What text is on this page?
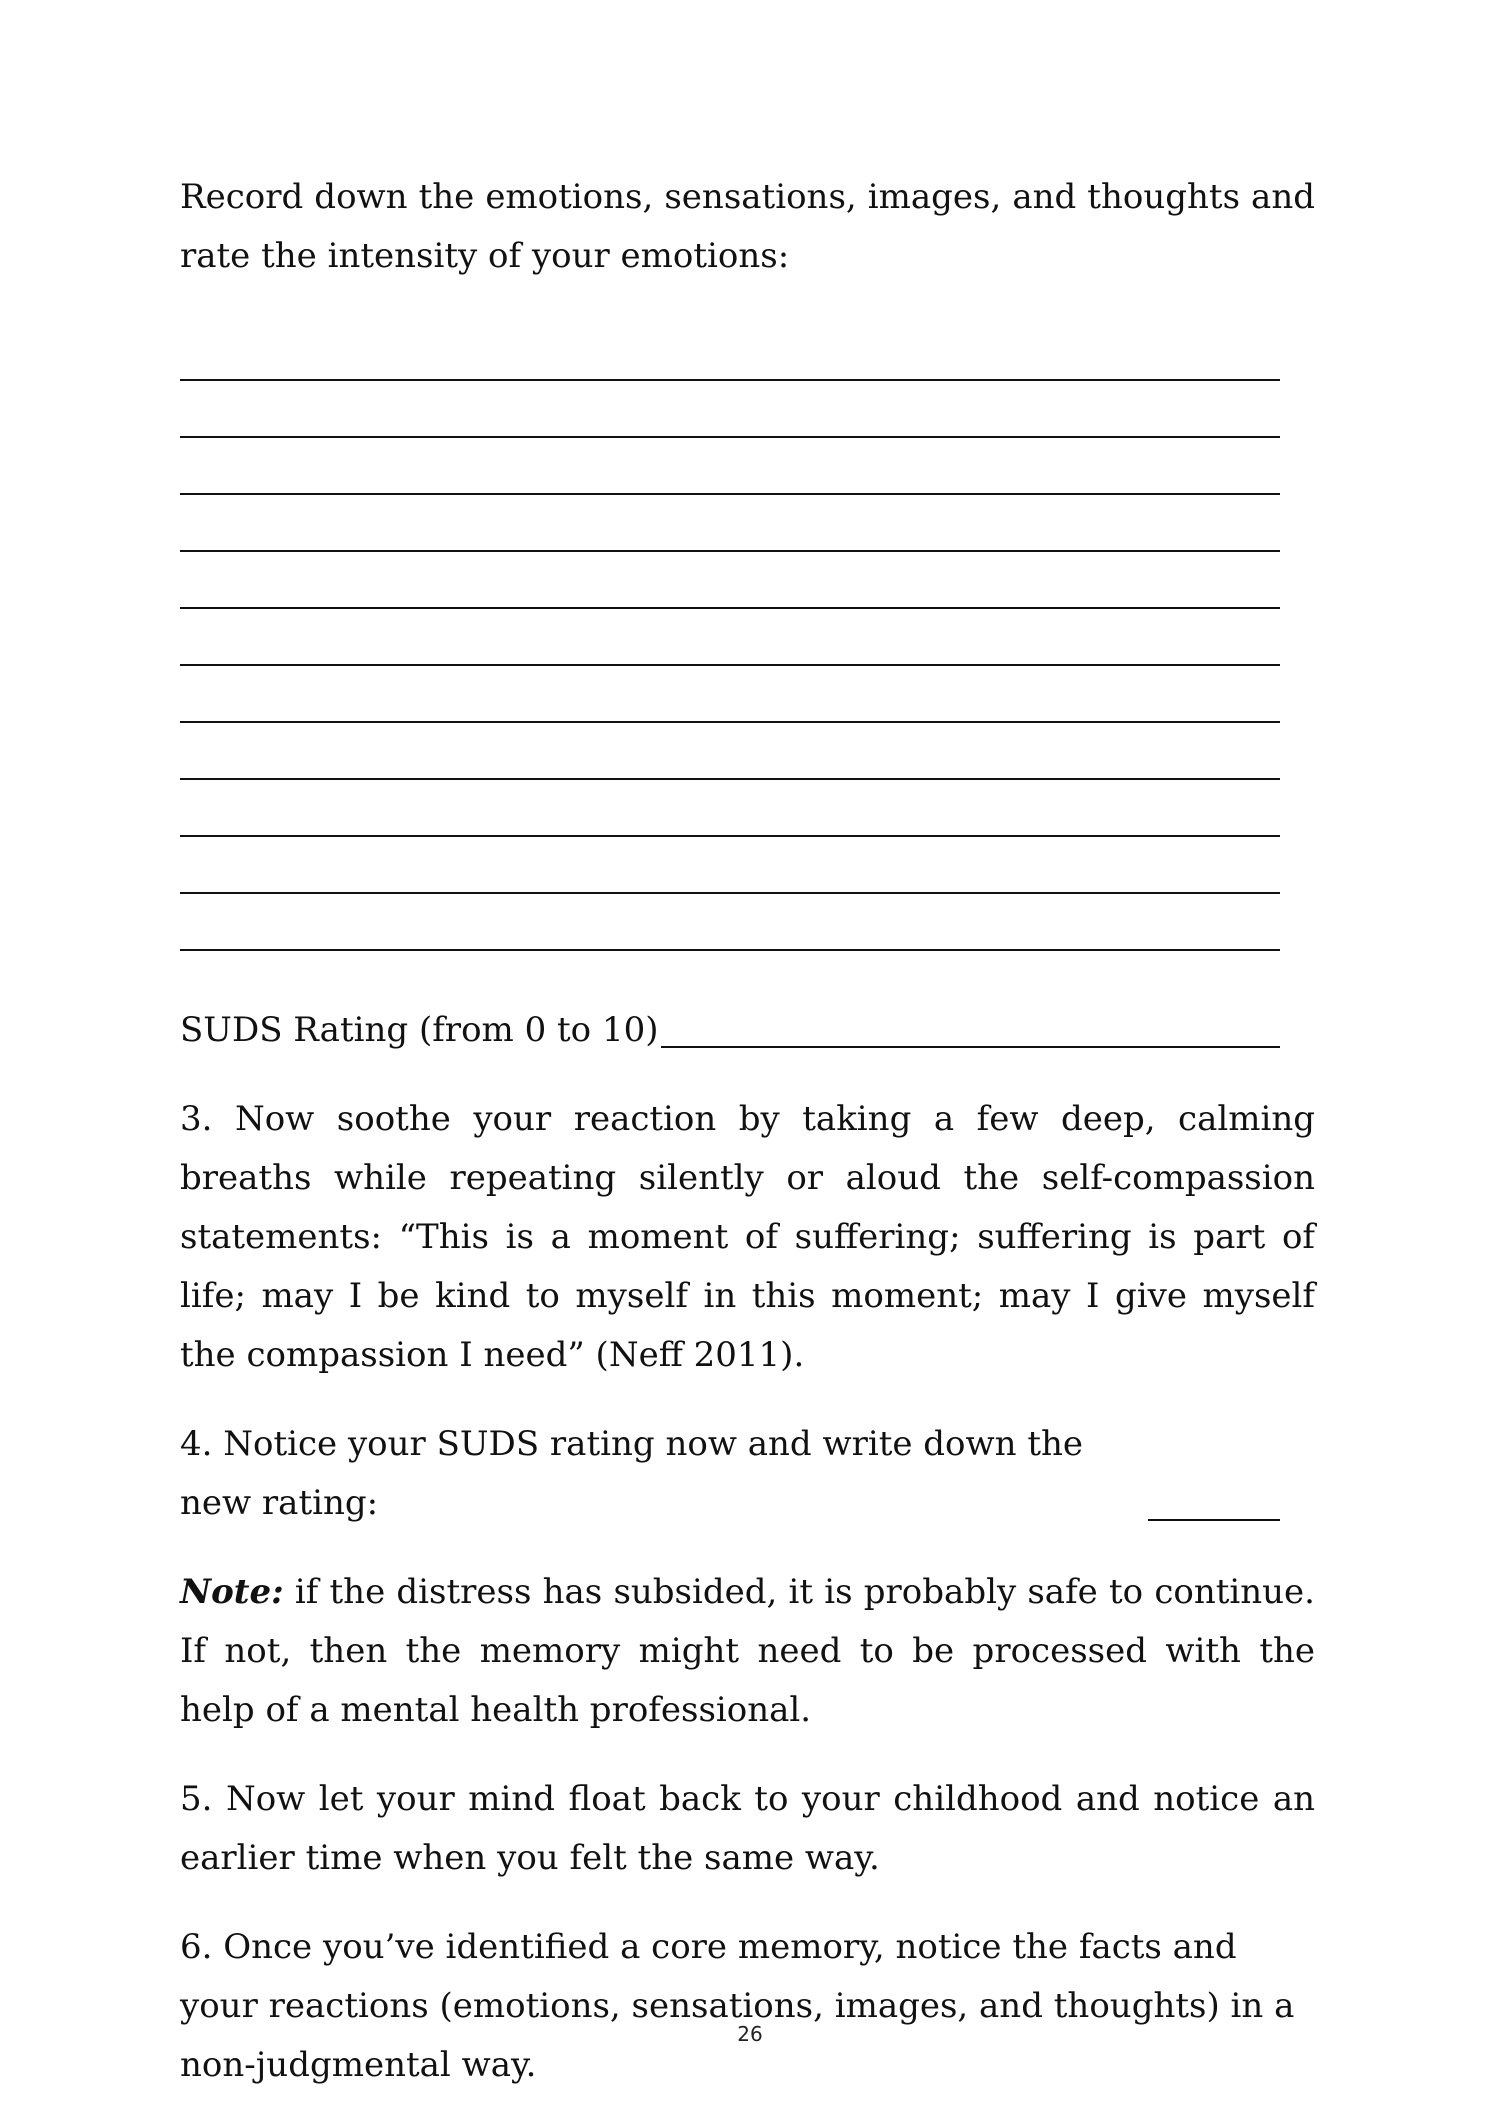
Record down the emotions, sensations, images, and thoughts and rate the intensity of your emotions:

SUDS Rating (from 0 to 10)

3. Now soothe your reaction by taking a few deep, calming breaths while repeating silently or aloud the self-compassion statements: “This is a moment of suffering; suffering is part of life; may I be kind to myself in this moment; may I give myself the compassion I need” (Neff 2011).

4. Notice your SUDS rating now and write down the new rating:

Note: if the distress has subsided, it is probably safe to continue. If not, then the memory might need to be processed with the help of a mental health professional.

5. Now let your mind float back to your childhood and notice an earlier time when you felt the same way.

6. Once you’ve identified a core memory, notice the facts and your reactions (emotions, sensations, images, and thoughts) in a non-judgmental way.

26
